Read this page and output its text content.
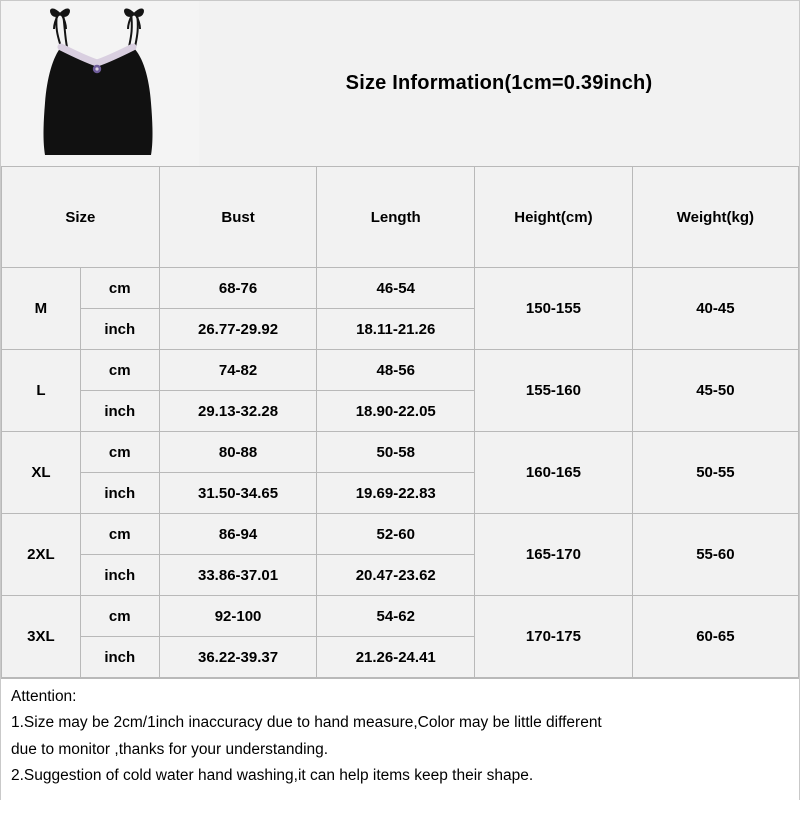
Size Information(1cm=0.39inch)
Size		Bust	Length	Height(cm)	Weight(kg)
M	cm	68-76	46-54	150-155	40-45
	inch	26.77-29.92	18.11-21.26		
L	cm	74-82	48-56	155-160	45-50
	inch	29.13-32.28	18.90-22.05		
XL	cm	80-88	50-58	160-165	50-55
	inch	31.50-34.65	19.69-22.83		
2XL	cm	86-94	52-60	165-170	55-60
	inch	33.86-37.01	20.47-23.62		
3XL	cm	92-100	54-62	170-175	60-65
	inch	36.22-39.37	21.26-24.41		

Attention:

1.Size may be 2cm/1inch inaccuracy due to hand measure,Color may be little different

due to monitor ,thanks for your understanding.

2.Suggestion of cold water hand washing,it can help items keep their shape.
